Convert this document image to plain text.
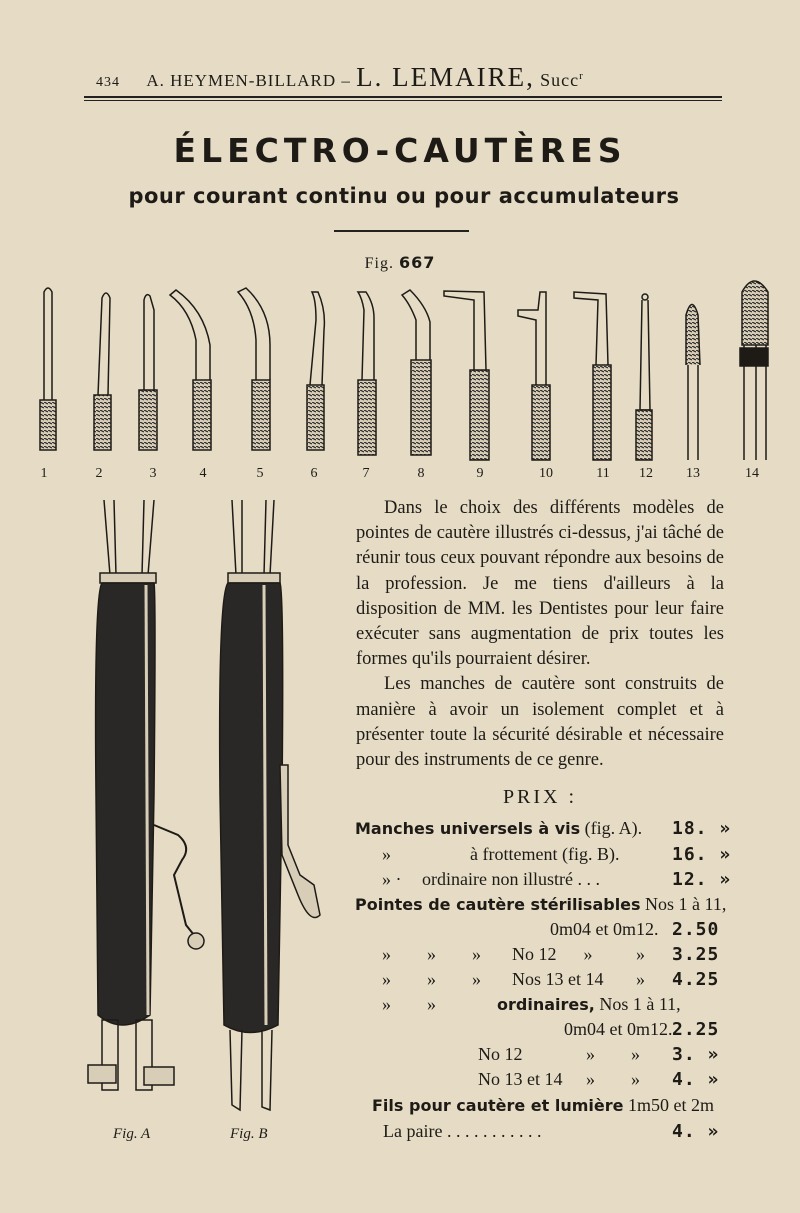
434 A. HEYMEN-BILLARD – L. LEMAIRE, Succ$^r$
ÉLECTRO-CAUTÈRES
pour courant continu ou pour accumulateurs
Fig. 667
1	2	3	4	5	6	7	8	9	10	11 12 13	14
Fig. A	Fig. B

Dans le choix des différents modèles de pointes de cautère illustrés ci-dessus, j'ai tâché de réunir tous ceux pouvant répondre aux besoins de la profession. Je me tiens d'ailleurs à la disposition de MM. les Dentistes pour leur faire exécuter sans augmentation de prix toutes les formes qu'ils pourraient désirer.

Les manches de cautère sont construits de manière à avoir un isolement complet et à présenter toute la sécurité désirable et nécessaire pour des instruments de ce genre.

PRIX :
Manches universels à vis (fig. A). 18. »
»	à frottement (fig. B).	16. »
» · ordinaire non illustré . . .	12. »
Pointes de cautère stérilisables Nos 1 à 11,
0m04 et 0m12. 2.50
»        »        » No 12      » » 3.25
»        »        » Nos 13 et 14 » 4.25
»        »	ordinaires, Nos 1 à 11,
0m04 et 0m12. 2.25
No 12	»        » 3. »
No 13 et 14 »        » 4. »
Fils pour cautère et lumière 1m50 et 2m
La paire . . . . . . . . . . .	4. »
